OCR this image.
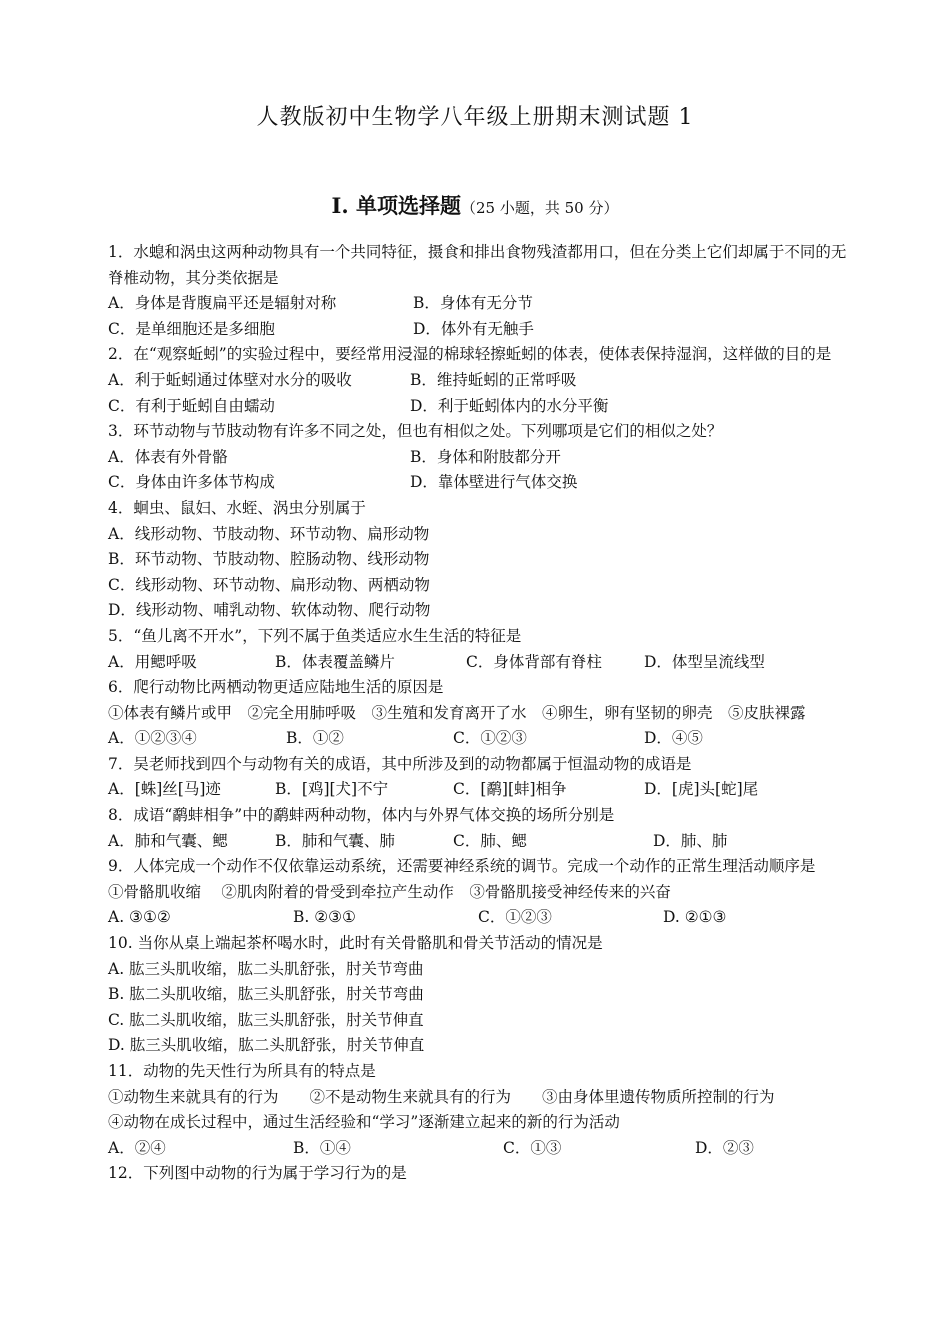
人教版初中生物学八年级上册期末测试题 1
Ⅰ. 单项选择题（25 小题，共 50 分）
1．水螅和涡虫这两种动物具有一个共同特征，摄食和排出食物残渣都用口，但在分类上它们却属于不同的无脊椎动物，其分类依据是
A．身体是背腹扁平还是辐射对称	B．身体有无分节
C．是单细胞还是多细胞	D．体外有无触手
2．在“观察蚯蚓”的实验过程中，要经常用浸湿的棉球轻擦蚯蚓的体表，使体表保持湿润，这样做的目的是
A．利于蚯蚓通过体壁对水分的吸收	B．维持蚯蚓的正常呼吸
C．有利于蚯蚓自由蠕动	D．利于蚯蚓体内的水分平衡
3．环节动物与节肢动物有许多不同之处，但也有相似之处。下列哪项是它们的相似之处？
A．体表有外骨骼	B．身体和附肢都分开
C．身体由许多体节构成	D．靠体壁进行气体交换
4．蛔虫、鼠妇、水蛭、涡虫分别属于
A．线形动物、节肢动物、环节动物、扁形动物
B．环节动物、节肢动物、腔肠动物、线形动物
C．线形动物、环节动物、扁形动物、两栖动物
D．线形动物、哺乳动物、软体动物、爬行动物
5．“鱼儿离不开水”，下列不属于鱼类适应水生生活的特征是
A．用鳃呼吸	B．体表覆盖鳞片	C．身体背部有脊柱	D．体型呈流线型
6．爬行动物比两栖动物更适应陆地生活的原因是
①体表有鳞片或甲　②完全用肺呼吸　③生殖和发育离开了水　④卵生，卵有坚韧的卵壳　⑤皮肤裸露
A．①②③④	B．①②	C．①②③	D．④⑤
7．吴老师找到四个与动物有关的成语，其中所涉及到的动物都属于恒温动物的成语是
A．[蛛]丝[马]迹	B．[鸡][犬]不宁	C．[鹬][蚌]相争	D．[虎]头[蛇]尾
8．成语“鹬蚌相争”中的鹬蚌两种动物，体内与外界气体交换的场所分别是
A．肺和气囊、鳃	B．肺和气囊、肺	C．肺、鳃	D．肺、肺
9．人体完成一个动作不仅依靠运动系统，还需要神经系统的调节。完成一个动作的正常生理活动顺序是
①骨骼肌收缩　 ②肌肉附着的骨受到牵拉产生动作　③骨骼肌接受神经传来的兴奋
A. ③①②	B. ②③①	C．①②③	D. ②①③
10. 当你从桌上端起茶杯喝水时，此时有关骨骼肌和骨关节活动的情况是
A. 肱三头肌收缩，肱二头肌舒张，肘关节弯曲
B. 肱二头肌收缩，肱三头肌舒张，肘关节弯曲
C. 肱二头肌收缩，肱三头肌舒张，肘关节伸直
D. 肱三头肌收缩，肱二头肌舒张，肘关节伸直
11．动物的先天性行为所具有的特点是
①动物生来就具有的行为　　②不是动物生来就具有的行为　　③由身体里遗传物质所控制的行为
④动物在成长过程中，通过生活经验和“学习”逐渐建立起来的新的行为活动
A．②④	B．①④	C．①③	D．②③
12．下列图中动物的行为属于学习行为的是
